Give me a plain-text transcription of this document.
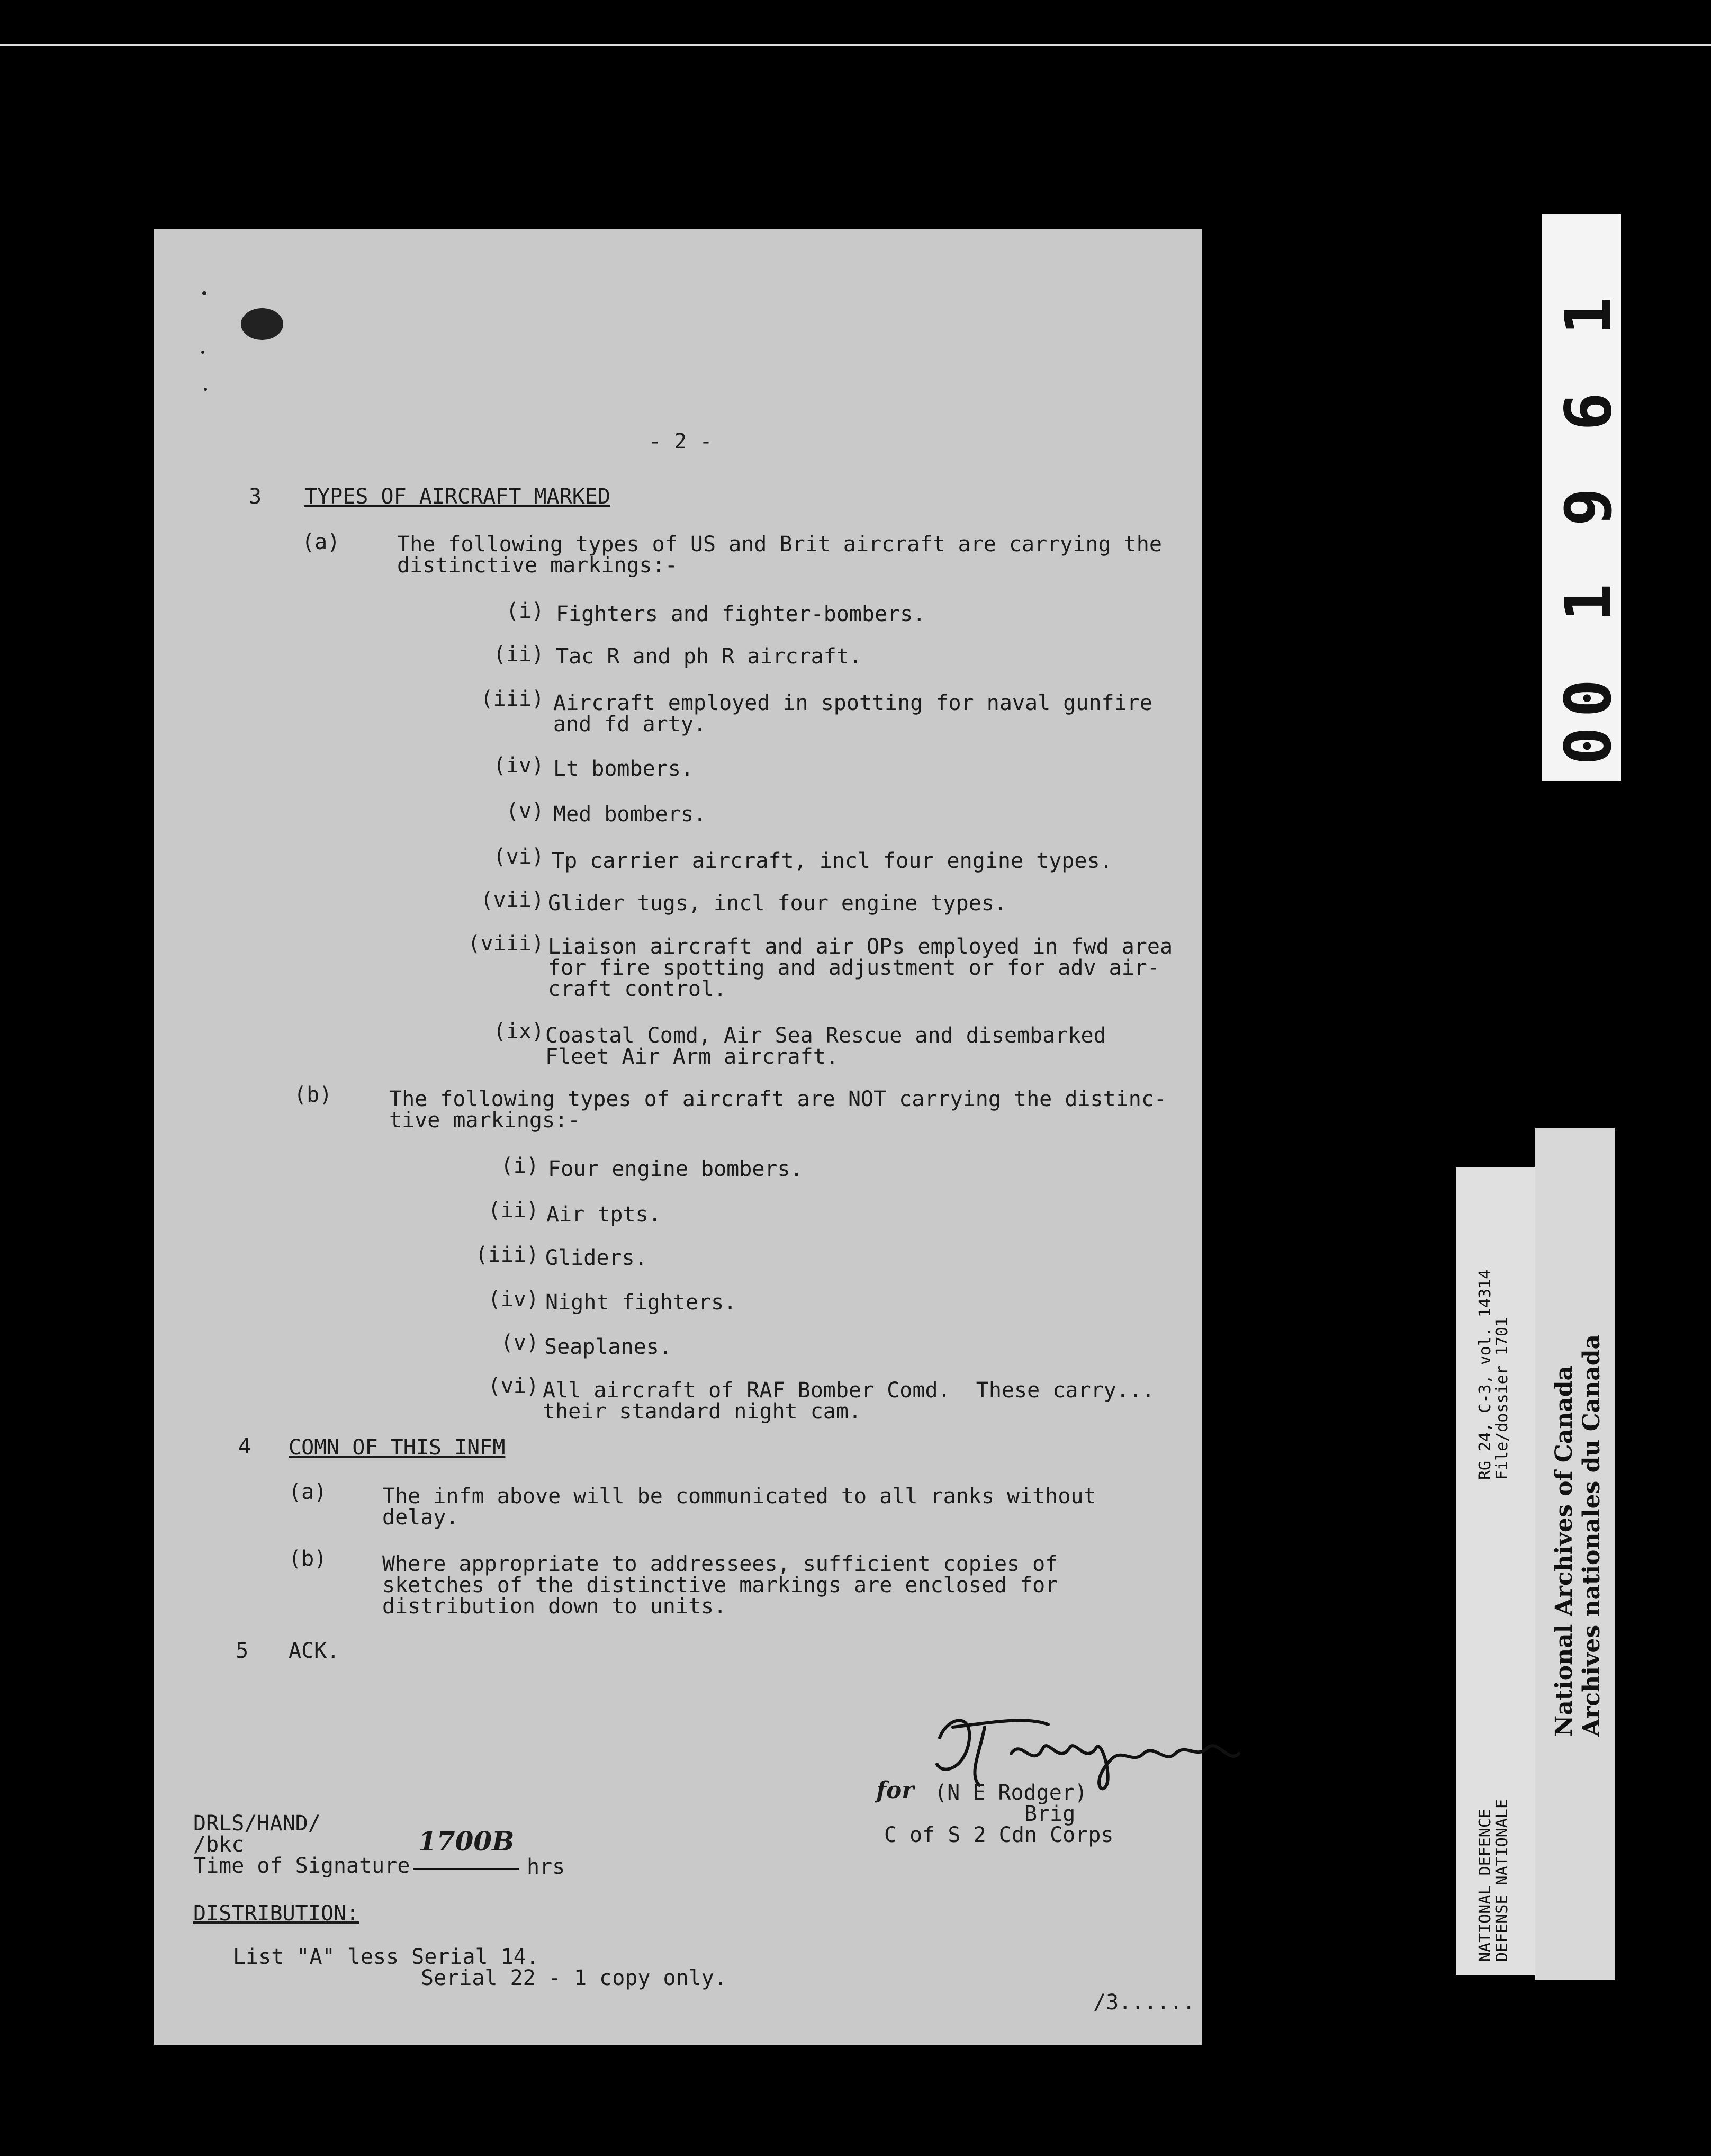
- 2 -
3 TYPES OF AIRCRAFT MARKED
(a)	The following types of US and Brit aircraft are carrying the
distinctive markings:-
(i) Fighters and fighter-bombers.
(ii) Tac R and ph R aircraft.
(iii) Aircraft employed in spotting for naval gunfire
and fd arty.
(iv) Lt bombers.
(v) Med bombers.
(vi) Tp carrier aircraft, incl four engine types.
(vii) Glider tugs, incl four engine types.
(viii) Liaison aircraft and air OPs employed in fwd area
for fire spotting and adjustment or for adv air-
craft control.
(ix) Coastal Comd, Air Sea Rescue and disembarked
Fleet Air Arm aircraft.
(b)	The following types of aircraft are NOT carrying the distinc-
tive markings:-
(i) Four engine bombers.
(ii) Air tpts.
(iii) Gliders.
(iv) Night fighters.
(v) Seaplanes.
(vi) All aircraft of RAF Bomber Comd.  These carry...
their standard night cam.
4 COMN OF THIS INFM
(a)	The infm above will be communicated to all ranks without
delay.
(b)	Where appropriate to addressees, sufficient copies of
sketches of the distinctive markings are enclosed for
distribution down to units.
5 ACK.
for (N E Rodger)
Brig
C of S 2 Cdn Corps
DRLS/HAND/
/bkc
Time of Signature
1700B
hrs
DISTRIBUTION:
List "A" less Serial 14.
Serial 22 - 1 copy only.
/3......
00 1 9 6 1
NATIONAL DEFENCE
DEFENSE NATIONALE
RG 24, C-3, vol. 14314
File/dossier 1701 National Archives of Canada Archives nationales du Canada
